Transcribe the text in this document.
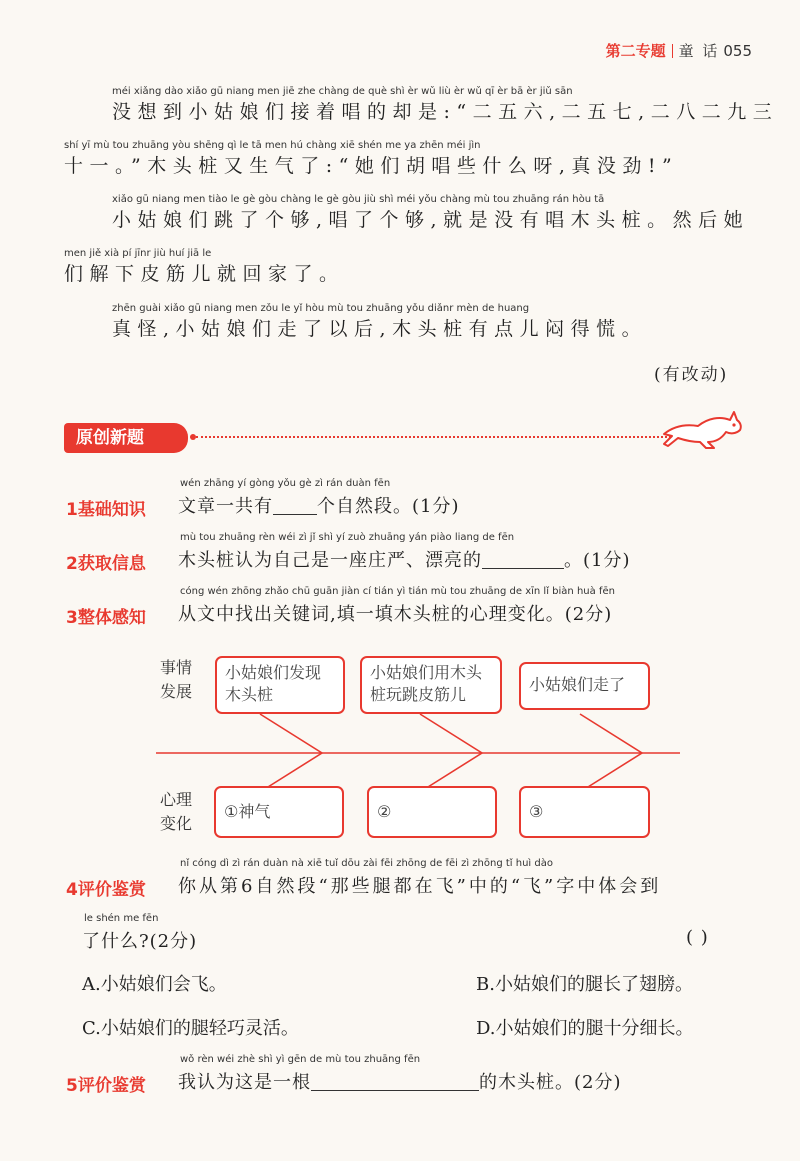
第二专题 童 话 055
méi xiǎng dào xiǎo gū niang men jiē zhe chàng de què shì èr wǔ liù èr wǔ qī èr bā èr jiǔ sān
没想到小姑娘们接着唱的却是:“二五六,二五七,二八二九三
shí yī mù tou zhuāng yòu shēng qì le tā men hú chàng xiē shén me ya zhēn méi jìn
十一。”木头桩又生气了:“她们胡唱些什么呀,真没劲!”
xiǎo gū niang men tiào le gè gòu chàng le gè gòu jiù shì méi yǒu chàng mù tou zhuāng rán hòu tā
小姑娘们跳了个够,唱了个够,就是没有唱木头桩。然后她
men jiě xià pí jīnr jiù huí jiā le
们解下皮筋儿就回家了。
zhēn guài xiǎo gū niang men zǒu le yǐ hòu mù tou zhuāng yǒu diǎnr mèn de huang
真怪,小姑娘们走了以后,木头桩有点儿闷得慌。
(有改动)
原创新题
wén zhāng yí gòng yǒu gè zì rán duàn fēn
1基础知识 文章一共有 个自然段。(1分)
mù tou zhuāng rèn wéi zì jǐ shì yí zuò zhuāng yán piào liang de fēn
2获取信息 木头桩认为自己是一座庄严、漂亮的	。(1分)
cóng wén zhōng zhǎo chū guān jiàn cí tián yì tián mù tou zhuāng de xīn lǐ biàn huà fēn
3整体感知 从文中找出关键词,填一填木头桩的心理变化。(2分)
事情
发展
心理
变化
小姑娘们发现
木头桩
小姑娘们用木头
桩玩跳皮筋儿
小姑娘们走了
①神气	②	③
nǐ cóng dì zì rán duàn nà xiē tuǐ dōu zài fēi zhōng de fēi zì zhōng tǐ huì dào
4评价鉴赏 你从第6自然段“那些腿都在飞”中的“飞”字中体会到
le shén me fēn
了什么?(2分)	( )
A.小姑娘们会飞。	B.小姑娘们的腿长了翅膀。
C.小姑娘们的腿轻巧灵活。	D.小姑娘们的腿十分细长。
wǒ rèn wéi zhè shì yì gēn de mù tou zhuāng fēn
5评价鉴赏 我认为这是一根	的木头桩。(2分)
